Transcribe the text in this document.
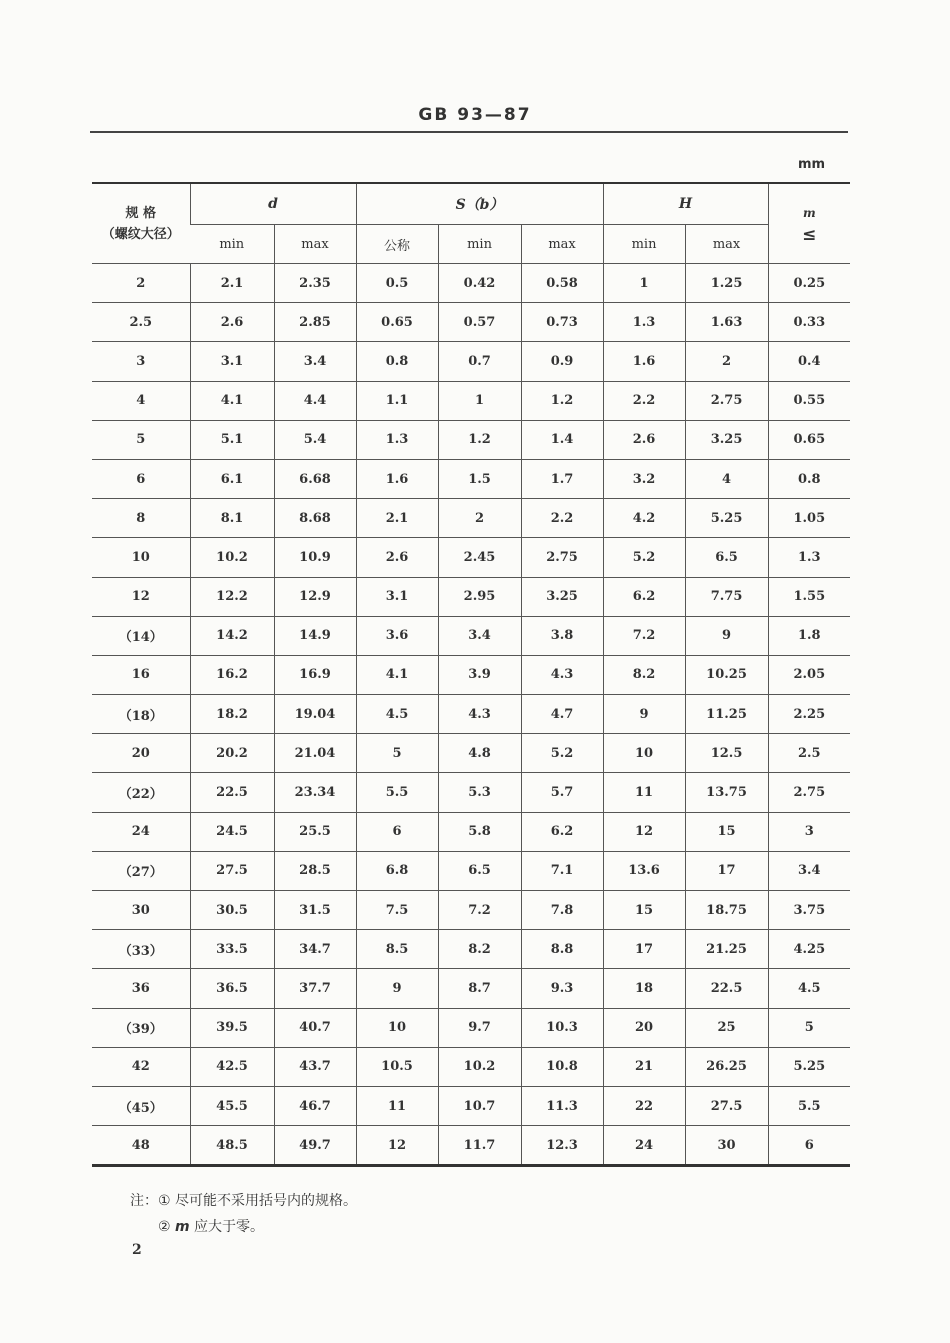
GB 93—87
mm
规 格
（螺纹大径）	d		S（b）			H		m
≤

	min	max	公称	min	max	min	max	
2	2.1	2.35	0.5	0.42	0.58	1	1.25	0.25
2.5	2.6	2.85	0.65	0.57	0.73	1.3	1.63	0.33
3	3.1	3.4	0.8	0.7	0.9	1.6	2	0.4
4	4.1	4.4	1.1	1	1.2	2.2	2.75	0.55
5	5.1	5.4	1.3	1.2	1.4	2.6	3.25	0.65
6	6.1	6.68	1.6	1.5	1.7	3.2	4	0.8
8	8.1	8.68	2.1	2	2.2	4.2	5.25	1.05
10	10.2	10.9	2.6	2.45	2.75	5.2	6.5	1.3
12	12.2	12.9	3.1	2.95	3.25	6.2	7.75	1.55
（14）	14.2	14.9	3.6	3.4	3.8	7.2	9	1.8
16	16.2	16.9	4.1	3.9	4.3	8.2	10.25	2.05
（18）	18.2	19.04	4.5	4.3	4.7	9	11.25	2.25
20	20.2	21.04	5	4.8	5.2	10	12.5	2.5
（22）	22.5	23.34	5.5	5.3	5.7	11	13.75	2.75
24	24.5	25.5	6	5.8	6.2	12	15	3
（27）	27.5	28.5	6.8	6.5	7.1	13.6	17	3.4
30	30.5	31.5	7.5	7.2	7.8	15	18.75	3.75
（33）	33.5	34.7	8.5	8.2	8.8	17	21.25	4.25
36	36.5	37.7	9	8.7	9.3	18	22.5	4.5
（39）	39.5	40.7	10	9.7	10.3	20	25	5
42	42.5	43.7	10.5	10.2	10.8	21	26.25	5.25
（45）	45.5	46.7	11	10.7	11.3	22	27.5	5.5
48	48.5	49.7	12	11.7	12.3	24	30	6
注：① 尽可能不采用括号内的规格。
② m 应大于零。
2
